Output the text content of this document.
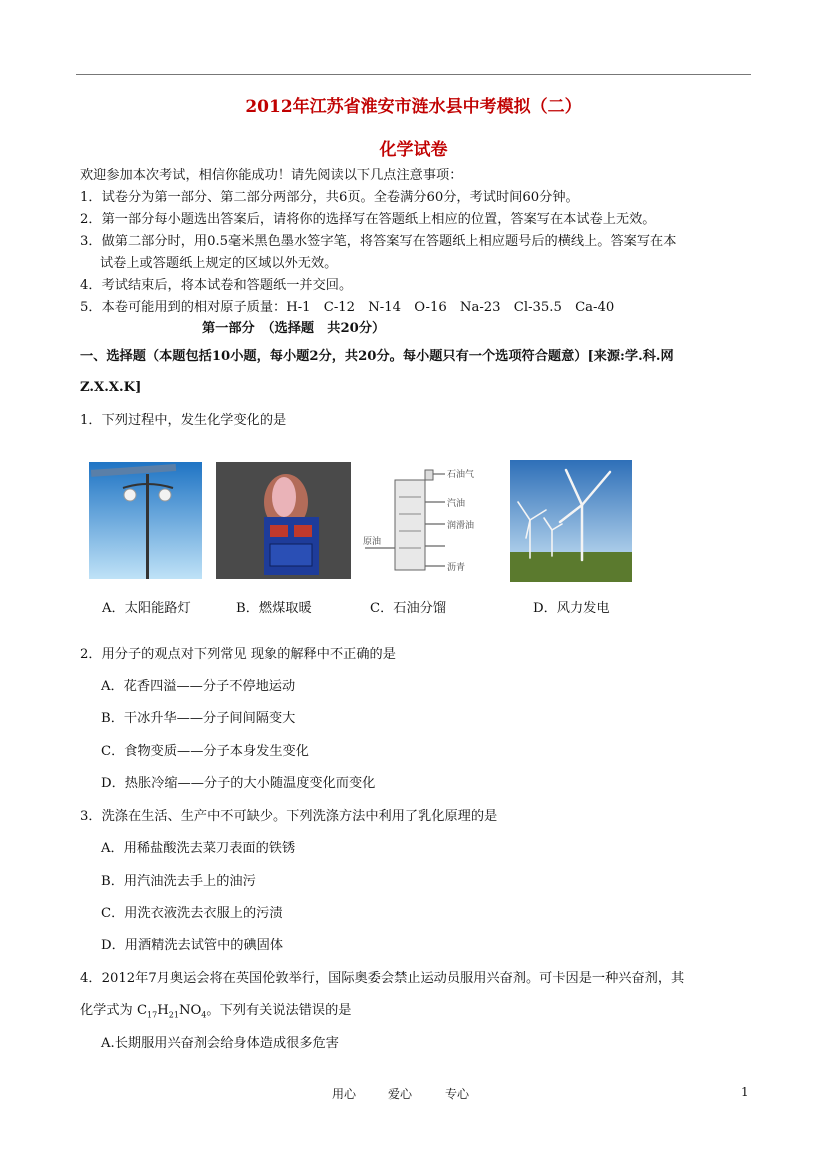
2012年江苏省淮安市涟水县中考模拟（二）
化学试卷
欢迎参加本次考试，相信你能成功！请先阅读以下几点注意事项：
1．试卷分为第一部分、第二部分两部分，共6页。全卷满分60分，考试时间60分钟。
2．第一部分每小题选出答案后，请将你的选择写在答题纸上相应的位置，答案写在本试卷上无效。
3．做第二部分时，用0.5毫米黑色墨水签字笔，将答案写在答题纸上相应题号后的横线上。答案写在本
试卷上或答题纸上规定的区域以外无效。
4．考试结束后，将本试卷和答题纸一并交回。
5．本卷可能用到的相对原子质量：H-1　C-12　N-14　O-16　Na-23　Cl-35.5　Ca-40
第一部分　（选择题　共20分）
一、选择题（本题包括10小题，每小题2分，共20分。每小题只有一个选项符合题意）[来源:学.科.网
Z.X.X.K]
1．下列过程中，发生化学变化的是
石油气
汽油
润滑油
原油
沥青
A．太阳能路灯	B．燃煤取暖	C．石油分馏	D．风力发电
2．用分子的观点对下列常见 现象的解释中不正确的是
A．花香四溢——分子不停地运动
B．干冰升华——分子间间隔变大
C．食物变质——分子本身发生变化
D．热胀冷缩——分子的大小随温度变化而变化
3．洗涤在生活、生产中不可缺少。下列洗涤方法中利用了乳化原理的是
A．用稀盐酸洗去菜刀表面的铁锈
B．用汽油洗去手上的油污
C．用洗衣液洗去衣服上的污渍
D．用酒精洗去试管中的碘固体
4．2012年7月奥运会将在英国伦敦举行，国际奥委会禁止运动员服用兴奋剂。可卡因是一种兴奋剂，其
化学式为 $C_{17}H_{21}NO_4$。下列有关说法错误的是
A.长期服用兴奋剂会给身体造成很多危害
用心	爱心	专心	1
